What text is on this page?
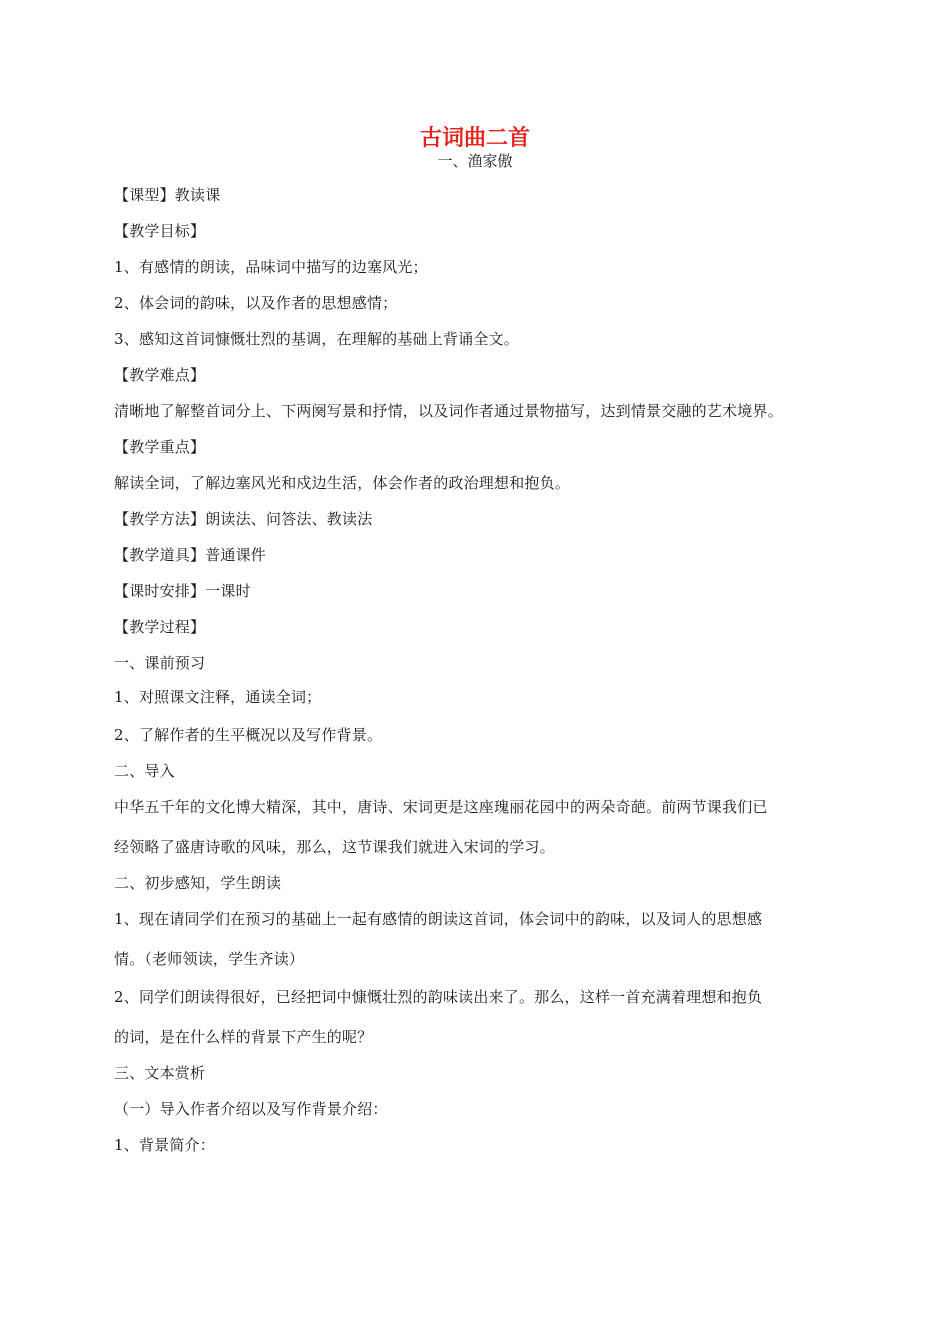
古词曲二首
一、渔家傲
【课型】教读课
【教学目标】
1、有感情的朗读，品味词中描写的边塞风光；
2、体会词的韵味，以及作者的思想感情；
3、感知这首词慷慨壮烈的基调，在理解的基础上背诵全文。
【教学难点】
清晰地了解整首词分上、下两阕写景和抒情，以及词作者通过景物描写，达到情景交融的艺术境界。
【教学重点】
解读全词，了解边塞风光和戍边生活，体会作者的政治理想和抱负。
【教学方法】朗读法、问答法、教读法
【教学道具】普通课件
【课时安排】一课时
【教学过程】
一、课前预习
1、对照课文注释，通读全词；
2、了解作者的生平概况以及写作背景。
二、导入
中华五千年的文化博大精深，其中，唐诗、宋词更是这座瑰丽花园中的两朵奇葩。前两节课我们已
经领略了盛唐诗歌的风味，那么，这节课我们就进入宋词的学习。
二、初步感知，学生朗读
1、现在请同学们在预习的基础上一起有感情的朗读这首词，体会词中的韵味，以及词人的思想感
情。（老师领读，学生齐读）
2、同学们朗读得很好，已经把词中慷慨壮烈的韵味读出来了。那么，这样一首充满着理想和抱负
的词，是在什么样的背景下产生的呢？
三、文本赏析
（一）导入作者介绍以及写作背景介绍：
1、背景简介：
